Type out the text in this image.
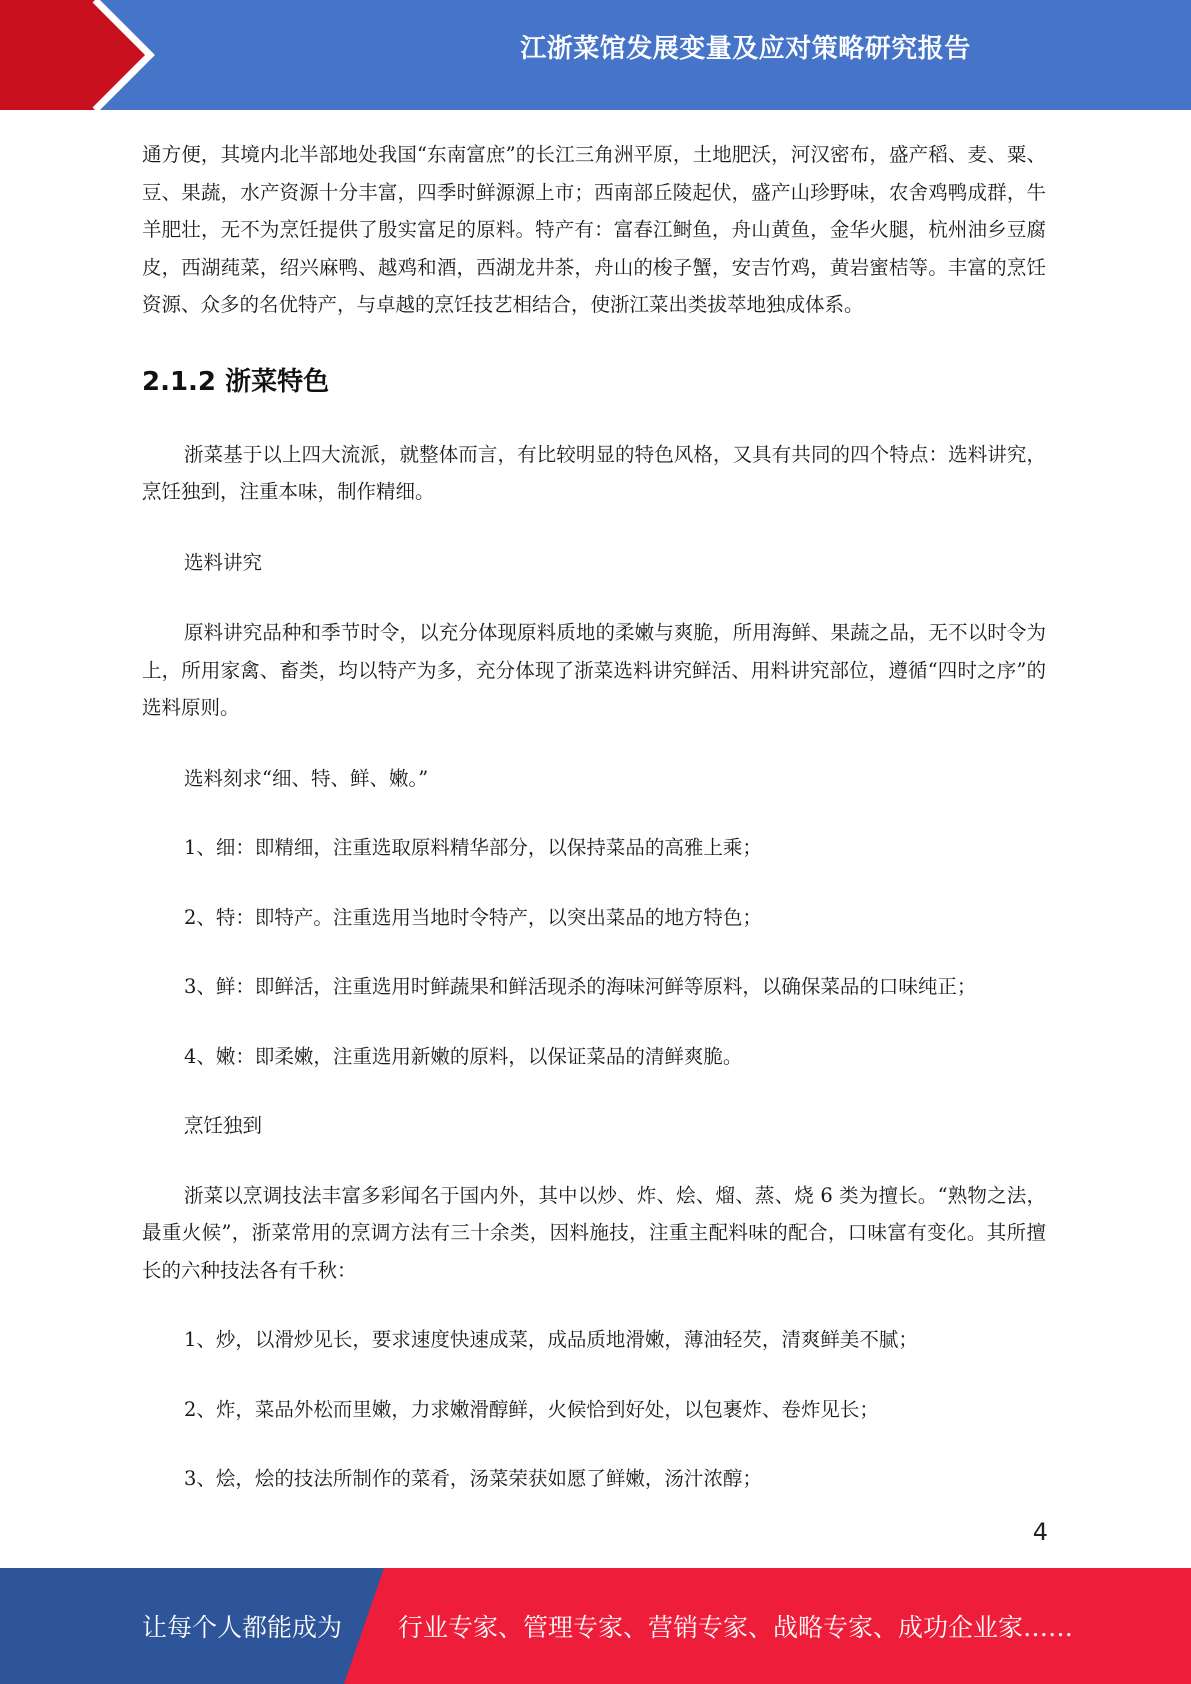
江浙菜馆发展变量及应对策略研究报告

通方便，其境内北半部地处我国“东南富庶”的长江三角洲平原，土地肥沃，河汉密布，盛产稻、麦、粟、豆、果蔬，水产资源十分丰富，四季时鲜源源上市；西南部丘陵起伏，盛产山珍野味，农舍鸡鸭成群，牛羊肥壮，无不为烹饪提供了殷实富足的原料。特产有：富春江鲥鱼，舟山黄鱼，金华火腿，杭州油乡豆腐皮，西湖莼菜，绍兴麻鸭、越鸡和酒，西湖龙井茶，舟山的梭子蟹，安吉竹鸡，黄岩蜜桔等。丰富的烹饪资源、众多的名优特产，与卓越的烹饪技艺相结合，使浙江菜出类拔萃地独成体系。

2.1.2 浙菜特色

浙菜基于以上四大流派，就整体而言，有比较明显的特色风格，又具有共同的四个特点：选料讲究，烹饪独到，注重本味，制作精细。

选料讲究

原料讲究品种和季节时令，以充分体现原料质地的柔嫩与爽脆，所用海鲜、果蔬之品，无不以时令为上，所用家禽、畜类，均以特产为多，充分体现了浙菜选料讲究鲜活、用料讲究部位，遵循“四时之序”的选料原则。

选料刻求“细、特、鲜、嫩。”

1、细：即精细，注重选取原料精华部分，以保持菜品的高雅上乘；

2、特：即特产。注重选用当地时令特产，以突出菜品的地方特色；

3、鲜：即鲜活，注重选用时鲜蔬果和鲜活现杀的海味河鲜等原料，以确保菜品的口味纯正；

4、嫩：即柔嫩，注重选用新嫩的原料，以保证菜品的清鲜爽脆。

烹饪独到

浙菜以烹调技法丰富多彩闻名于国内外，其中以炒、炸、烩、熘、蒸、烧 6 类为擅长。“熟物之法，最重火候”，浙菜常用的烹调方法有三十余类，因料施技，注重主配料味的配合，口味富有变化。其所擅长的六种技法各有千秋：

1、炒，以滑炒见长，要求速度快速成菜，成品质地滑嫩，薄油轻芡，清爽鲜美不腻；

2、炸，菜品外松而里嫩，力求嫩滑醇鲜，火候恰到好处，以包裹炸、卷炸见长；

3、烩，烩的技法所制作的菜肴，汤菜荣获如愿了鲜嫩，汤汁浓醇；

4
让每个人都能成为 行业专家、管理专家、营销专家、战略专家、成功企业家……
